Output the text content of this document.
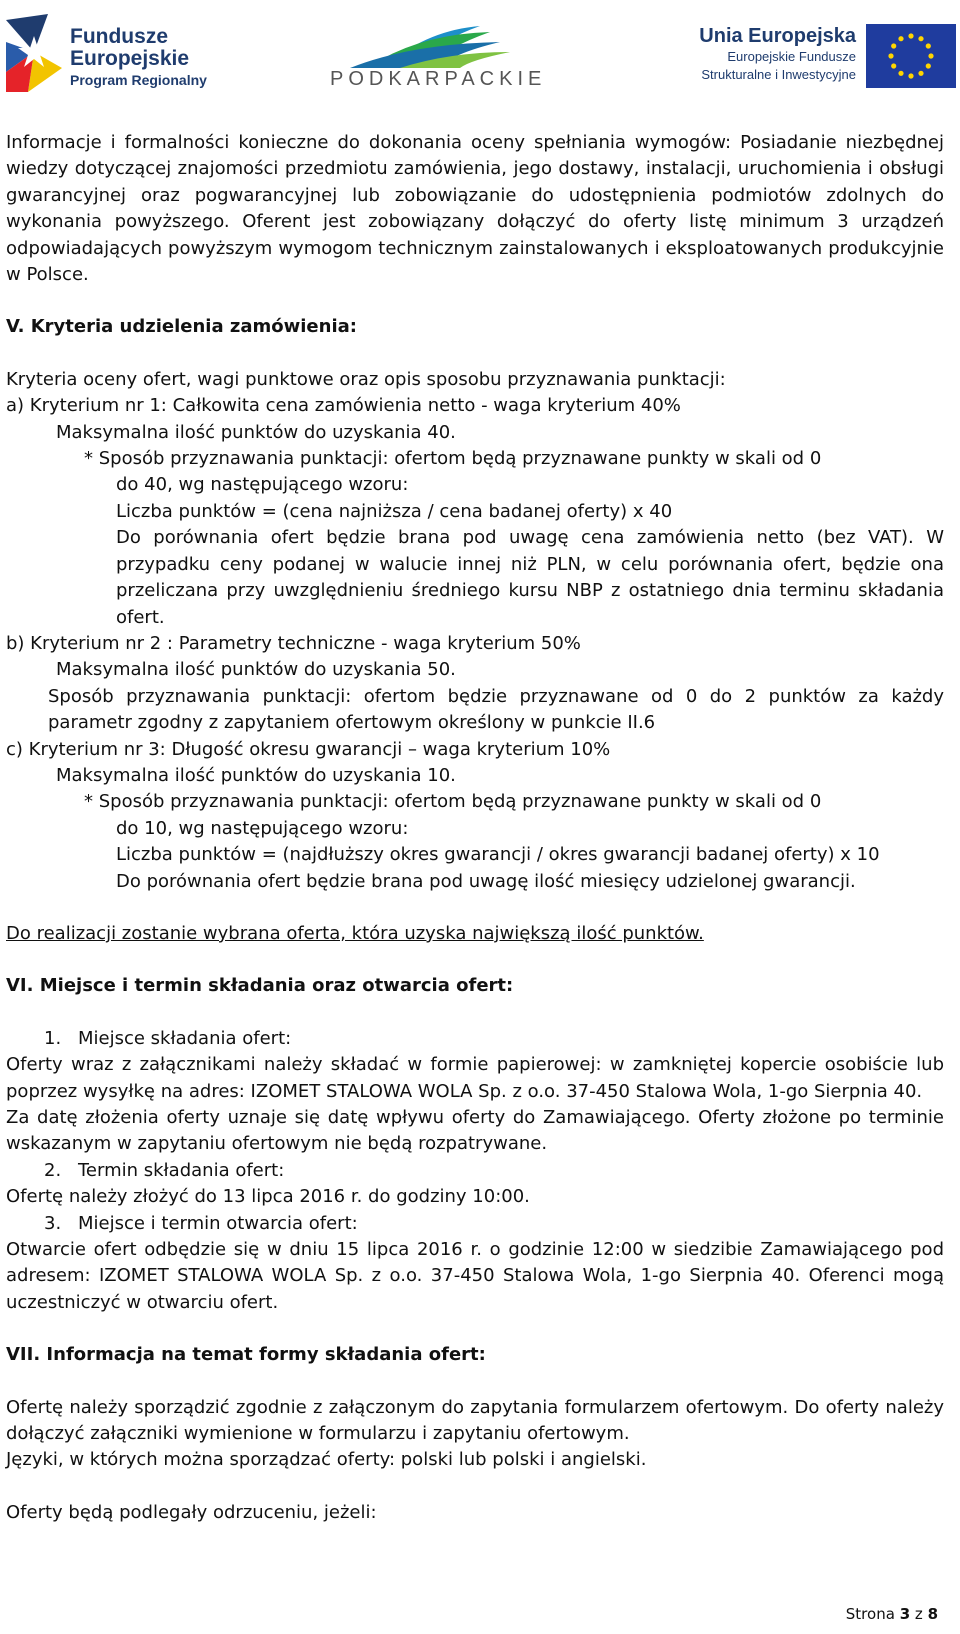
Fundusze
Europejskie
Program Regionalny	PODKARPACKIE
Unia Europejska
Europejskie Fundusze
Strukturalne i Inwestycyjne

Informacje i formalności konieczne do dokonania oceny spełniania wymogów: Posiadanie niezbędnej wiedzy dotyczącej znajomości przedmiotu zamówienia, jego dostawy, instalacji, uruchomienia i obsługi gwarancyjnej oraz pogwarancyjnej lub zobowiązanie do udostępnienia podmiotów zdolnych do wykonania powyższego. Oferent jest zobowiązany dołączyć do oferty listę minimum 3 urządzeń odpowiadających powyższym wymogom technicznym zainstalowanych i eksploatowanych produkcyjnie w Polsce.

V. Kryteria udzielenia zamówienia:

Kryteria oceny ofert, wagi punktowe oraz opis sposobu przyznawania punktacji:

a) Kryterium nr 1: Całkowita cena zamówienia netto - waga kryterium 40%

Maksymalna ilość punktów do uzyskania 40.

* Sposób przyznawania punktacji: ofertom będą przyznawane punkty w skali od 0

do 40, wg następującego wzoru:

Liczba punktów = (cena najniższa / cena badanej oferty) x 40

Do porównania ofert będzie brana pod uwagę cena zamówienia netto (bez VAT). W przypadku ceny podanej w walucie innej niż PLN, w celu porównania ofert, będzie ona przeliczana przy uwzględnieniu średniego kursu NBP z ostatniego dnia terminu składania ofert.

b) Kryterium nr 2 : Parametry techniczne - waga kryterium 50%

Maksymalna ilość punktów do uzyskania 50.

Sposób przyznawania punktacji: ofertom będzie przyznawane od 0 do 2 punktów za każdy parametr zgodny z zapytaniem ofertowym określony w punkcie II.6

c) Kryterium nr 3: Długość okresu gwarancji – waga kryterium 10%

Maksymalna ilość punktów do uzyskania 10.

* Sposób przyznawania punktacji: ofertom będą przyznawane punkty w skali od 0

do 10, wg następującego wzoru:

Liczba punktów = (najdłuższy okres gwarancji / okres gwarancji badanej oferty) x 10

Do porównania ofert będzie brana pod uwagę ilość miesięcy udzielonej gwarancji.

Do realizacji zostanie wybrana oferta, która uzyska największą ilość punktów.

VI. Miejsce i termin składania oraz otwarcia ofert:

1. Miejsce składania ofert:

Oferty wraz z załącznikami należy składać w formie papierowej: w zamkniętej kopercie osobiście lub poprzez wysyłkę na adres: IZOMET STALOWA WOLA Sp. z o.o. 37-450 Stalowa Wola, 1-go Sierpnia 40.

Za datę złożenia oferty uznaje się datę wpływu oferty do Zamawiającego. Oferty złożone po terminie wskazanym w zapytaniu ofertowym nie będą rozpatrywane.

2. Termin składania ofert:

Ofertę należy złożyć do 13 lipca 2016 r. do godziny 10:00.

3. Miejsce i termin otwarcia ofert:

Otwarcie ofert odbędzie się w dniu 15 lipca 2016 r. o godzinie 12:00 w siedzibie Zamawiającego pod adresem: IZOMET STALOWA WOLA Sp. z o.o. 37-450 Stalowa Wola, 1-go Sierpnia 40. Oferenci mogą uczestniczyć w otwarciu ofert.

VII. Informacja na temat formy składania ofert:

Ofertę należy sporządzić zgodnie z załączonym do zapytania formularzem ofertowym. Do oferty należy dołączyć załączniki wymienione w formularzu i zapytaniu ofertowym.

Języki, w których można sporządzać oferty: polski lub polski i angielski.

Oferty będą podlegały odrzuceniu, jeżeli:

Strona 3 z 8
